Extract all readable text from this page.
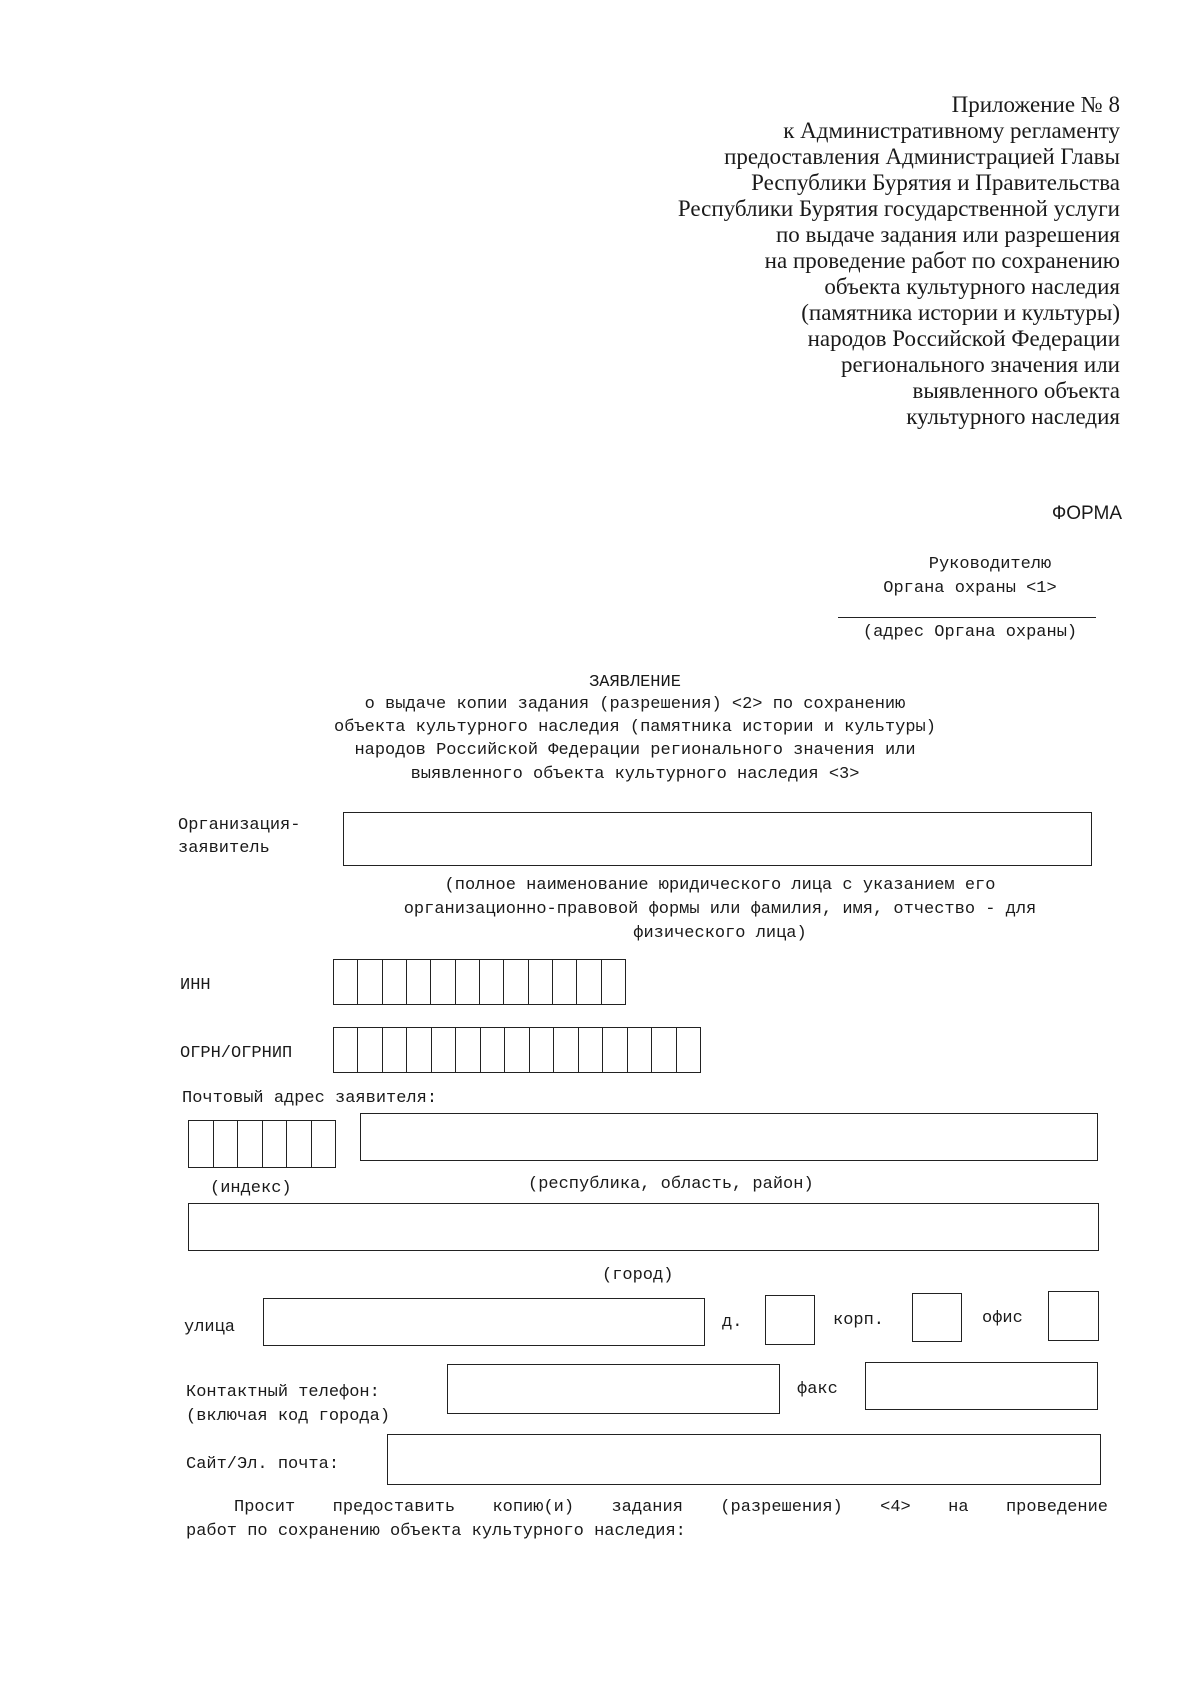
Приложение № 8
к Административному регламенту
предоставления Администрацией Главы
Республики Бурятия и Правительства
Республики Бурятия государственной услуги
по выдаче задания или разрешения
на проведение работ по сохранению
объекта культурного наследия
(памятника истории и культуры)
народов Российской Федерации
регионального значения или
выявленного объекта
культурного наследия
ФОРМА
Руководителю
Органа охраны <1>
(адрес Органа охраны)
ЗАЯВЛЕНИЕ
о выдаче копии задания (разрешения) <2> по сохранению
объекта культурного наследия (памятника истории и культуры)
народов Российской Федерации регионального значения или
выявленного объекта культурного наследия <3>
Организация-
заявитель
(полное наименование юридического лица с указанием его
организационно-правовой формы или фамилия, имя, отчество - для
физического лица)
ИНН
ОГРН/ОГРНИП
Почтовый адрес заявителя:
(индекс)	(республика, область, район)
(город)
улица	д.	корп.	офис
Контактный телефон:
(включая код города)
факс
Сайт/Эл. почта:
Просит предоставить копию(и) задания (разрешения) <4> на проведение
работ по сохранению объекта культурного наследия:
